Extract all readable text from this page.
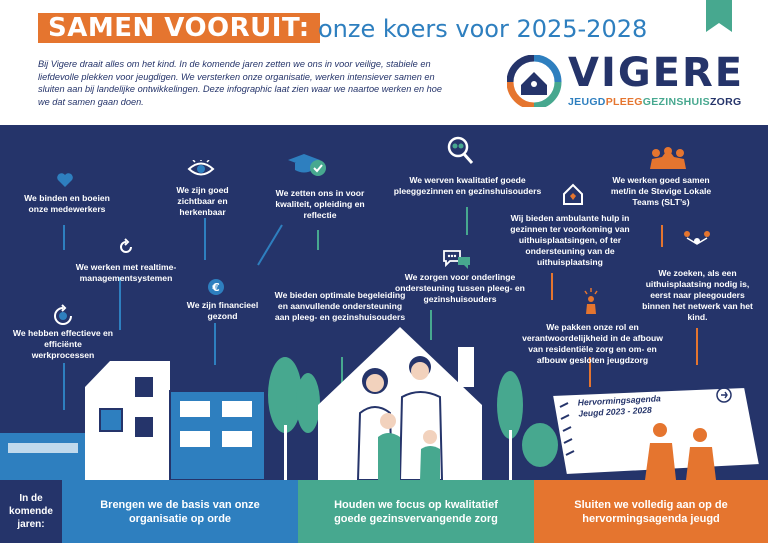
SAMEN VOORUIT: onze koers voor 2025-2028

Bij Vigere draait alles om het kind. In de komende jaren zetten we ons in voor veilige, stabiele en liefdevolle plekken voor jeugdigen. We versterken onze organisatie, werken intensiever samen en sluiten aan bij landelijke ontwikkelingen. Deze infographic laat zien waar we naartoe werken en hoe we dat samen gaan doen.

VIGERE
JEUGDPLEEGGEZINSHUISZORG
Hervormingsagenda Jeugd 2023 - 2028
€
We binden en boeien onze medewerkers
We zijn goed zichtbaar en herkenbaar
We zetten ons in voor kwaliteit, opleiding en reflectie
We werven kwalitatief goede pleeggezinnen en gezinshuisouders
We werken goed samen met/in de Stevige Lokale Teams (SLT’s)
We werken met realtime-managementsystemen
Wij bieden ambulante hulp in gezinnen ter voorkoming van uithuisplaatsingen, of ter ondersteuning van de uithuisplaatsing
We zijn financieel gezond
We zorgen voor onderlinge ondersteuning tussen pleeg- en gezinshuisouders
We zoeken, als een uithuisplaatsing nodig is, eerst naar pleegouders binnen het netwerk van het kind.
We hebben effectieve en efficiënte werkprocessen
We bieden optimale begeleiding en aanvullende ondersteuning aan pleeg- en gezinshuisouders
We pakken onze rol en verantwoordelijkheid in de afbouw van residentiële zorg en om- en afbouw gesloten jeugdzorg
In de komende jaren:
Brengen we de basis van onze organisatie op orde
Houden we focus op kwalitatief goede gezinsvervangende zorg
Sluiten we volledig aan op de hervormingsagenda jeugd
